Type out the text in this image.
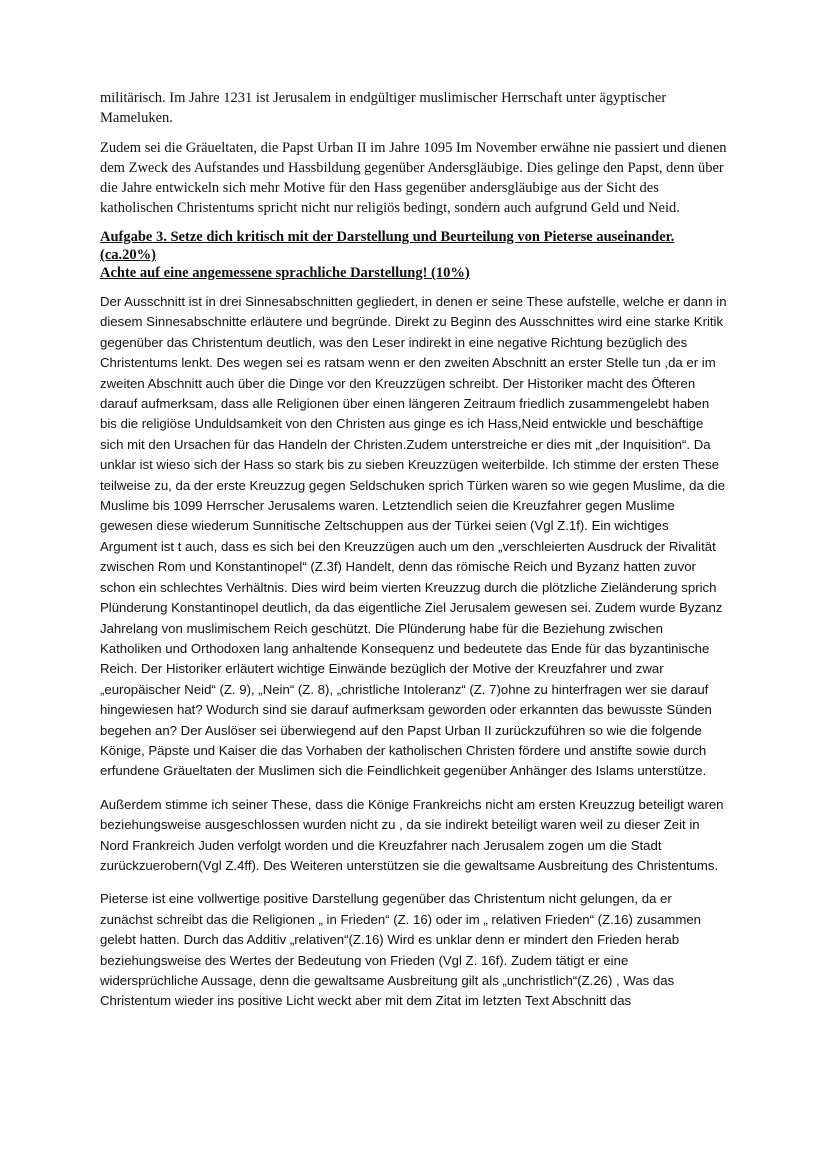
militärisch. Im Jahre 1231 ist Jerusalem in endgültiger muslimischer Herrschaft unter ägyptischer Mameluken.

Zudem sei die Gräueltaten, die Papst Urban II im Jahre 1095 Im November erwähne nie passiert und dienen dem Zweck des Aufstandes und Hassbildung gegenüber Andersgläubige. Dies gelinge den Papst, denn über die Jahre entwickeln sich mehr Motive für den Hass gegenüber andersgläubige aus der Sicht des katholischen Christentums spricht nicht nur religiös bedingt, sondern auch aufgrund Geld und Neid.

Aufgabe 3. Setze dich kritisch mit der Darstellung und Beurteilung von Pieterse auseinander. (ca.20%)

Achte auf eine angemessene sprachliche Darstellung! (10%)

Der Ausschnitt ist in drei Sinnesabschnitten gegliedert, in denen er seine These aufstelle, welche er dann in diesem Sinnesabschnitte erläutere und begründe. Direkt zu Beginn des Ausschnittes wird eine starke Kritik gegenüber das Christentum deutlich, was den Leser indirekt in eine negative Richtung bezüglich des Christentums lenkt. Des wegen sei es ratsam wenn er den zweiten Abschnitt an erster Stelle tun ,da er im zweiten Abschnitt auch über die Dinge vor den Kreuzzügen schreibt. Der Historiker macht des Öfteren darauf aufmerksam, dass alle Religionen über einen längeren Zeitraum friedlich zusammengelebt haben bis die religiöse Unduldsamkeit von den Christen aus ginge es ich Hass,Neid entwickle und beschäftige sich mit den Ursachen für das Handeln der Christen.Zudem unterstreiche er dies mit „der Inquisition“. Da unklar ist wieso sich der Hass so stark bis zu sieben Kreuzzügen weiterbilde. Ich stimme der ersten These teilweise zu, da der erste Kreuzzug gegen Seldschuken sprich Türken waren so wie gegen Muslime, da die Muslime bis 1099 Herrscher Jerusalems waren. Letztendlich seien die Kreuzfahrer gegen Muslime gewesen diese wiederum Sunnitische Zeltschuppen aus der Türkei seien (Vgl Z.1f). Ein wichtiges Argument ist t auch, dass es sich bei den Kreuzzügen auch um den „verschleierten Ausdruck der Rivalität zwischen Rom und Konstantinopel“ (Z.3f) Handelt, denn das römische Reich und Byzanz hatten zuvor schon ein schlechtes Verhältnis. Dies wird beim vierten Kreuzzug durch die plötzliche Zieländerung sprich Plünderung Konstantinopel deutlich, da das eigentliche Ziel Jerusalem gewesen sei. Zudem wurde Byzanz Jahrelang von muslimischem Reich geschützt. Die Plünderung habe für die Beziehung zwischen Katholiken und Orthodoxen lang anhaltende Konsequenz und bedeutete das Ende für das byzantinische Reich. Der Historiker erläutert wichtige Einwände bezüglich der Motive der Kreuzfahrer und zwar „europäischer Neid“ (Z. 9), „Nein“ (Z. 8), „christliche Intoleranz“ (Z. 7)ohne zu hinterfragen wer sie darauf hingewiesen hat? Wodurch sind sie darauf aufmerksam geworden oder erkannten das bewusste Sünden begehen an? Der Auslöser sei überwiegend auf den Papst Urban II zurückzuführen so wie die folgende Könige, Päpste und Kaiser die das Vorhaben der katholischen Christen fördere und anstifte sowie durch erfundene Gräueltaten der Muslimen sich die Feindlichkeit gegenüber Anhänger des Islams unterstütze.

Außerdem stimme ich seiner These, dass die Könige Frankreichs nicht am ersten Kreuzzug beteiligt waren beziehungsweise ausgeschlossen wurden nicht zu , da sie indirekt beteiligt waren weil zu dieser Zeit in Nord Frankreich Juden verfolgt worden und die Kreuzfahrer nach Jerusalem zogen um die Stadt zurückzuerobern(Vgl Z.4ff). Des Weiteren unterstützen sie die gewaltsame Ausbreitung des Christentums.

Pieterse ist eine vollwertige positive Darstellung gegenüber das Christentum nicht gelungen, da er zunächst schreibt das die Religionen „ in Frieden“ (Z. 16) oder im „ relativen Frieden“ (Z.16) zusammen gelebt hatten. Durch das Additiv „relativen“(Z.16) Wird es unklar denn er mindert den Frieden herab beziehungsweise des Wertes der Bedeutung von Frieden (Vgl Z. 16f). Zudem tätigt er eine widersprüchliche Aussage, denn die gewaltsame Ausbreitung gilt als „unchristlich“(Z.26) , Was das Christentum wieder ins positive Licht weckt aber mit dem Zitat im letzten Text Abschnitt das
